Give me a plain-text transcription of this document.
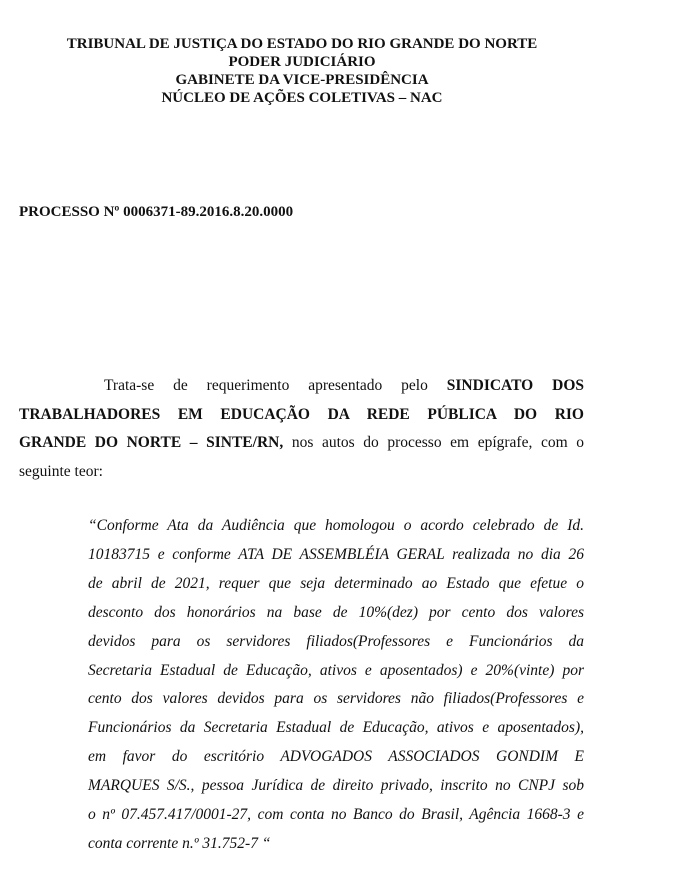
TRIBUNAL DE JUSTIÇA DO ESTADO DO RIO GRANDE DO NORTE
PODER JUDICIÁRIO
GABINETE DA VICE-PRESIDÊNCIA
NÚCLEO DE AÇÕES COLETIVAS – NAC
PROCESSO Nº 0006371-89.2016.8.20.0000
Trata-se de requerimento apresentado pelo SINDICATO DOS
TRABALHADORES EM EDUCAÇÃO DA REDE PÚBLICA DO RIO
GRANDE DO NORTE – SINTE/RN, nos autos do processo em epígrafe, com o
seguinte teor:
“Conforme Ata da Audiência que homologou o acordo celebrado de Id.
10183715 e conforme ATA DE ASSEMBLÉIA GERAL realizada no dia 26
de abril de 2021, requer que seja determinado ao Estado que efetue o
desconto dos honorários na base de 10%(dez) por cento dos valores
devidos para os servidores filiados(Professores e Funcionários da
Secretaria Estadual de Educação, ativos e aposentados) e 20%(vinte) por
cento dos valores devidos para os servidores não filiados(Professores e
Funcionários da Secretaria Estadual de Educação, ativos e aposentados),
em favor do escritório ADVOGADOS ASSOCIADOS GONDIM E
MARQUES S/S., pessoa Jurídica de direito privado, inscrito no CNPJ sob
o nº 07.457.417/0001-27, com conta no Banco do Brasil, Agência 1668-3 e
conta corrente n.º 31.752-7 “
